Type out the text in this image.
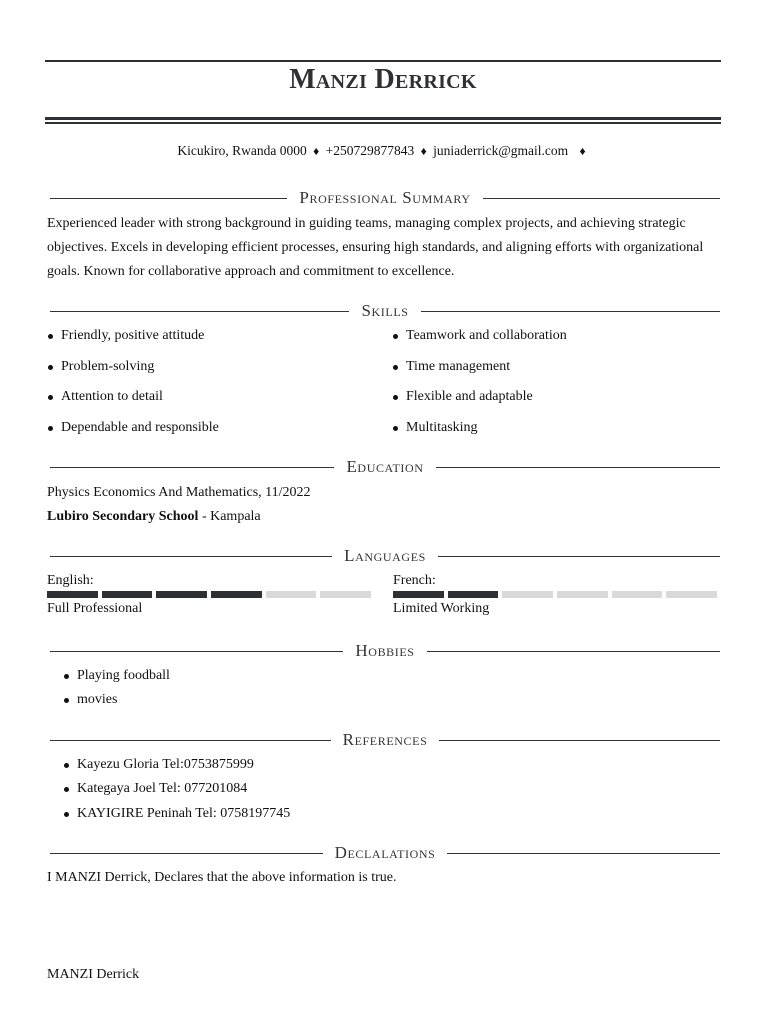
Manzi Derrick
Kicukiro, Rwanda 0000 ♦ +250729877843 ♦ juniaderrick@gmail.com ♦
Professional Summary
Experienced leader with strong background in guiding teams, managing complex projects, and achieving strategic objectives. Excels in developing efficient processes, ensuring high standards, and aligning efforts with organizational goals. Known for collaborative approach and commitment to excellence.
Skills
Friendly, positive attitude
Problem-solving
Attention to detail
Dependable and responsible
Teamwork and collaboration
Time management
Flexible and adaptable
Multitasking
Education
Physics Economics And Mathematics, 11/2022
Lubiro Secondary School - Kampala
Languages
English:
Full Professional
French:
Limited Working
Hobbies
Playing foodball
movies
References
Kayezu Gloria Tel:0753875999
Kategaya Joel Tel: 077201084
KAYIGIRE Peninah Tel: 0758197745
Declalations
I MANZI Derrick, Declares that the above information is true.
MANZI Derrick
